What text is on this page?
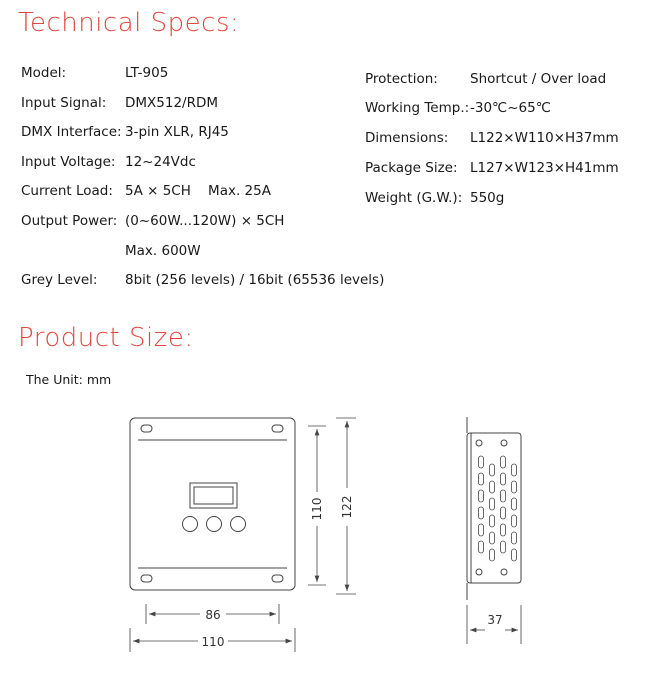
Technical Specs:
Model:	LT-905
Input Signal: DMX512/RDM
DMX Interface: 3-pin XLR, RJ45
Input Voltage: 12~24Vdc
Current Load: 5A × 5CH    Max. 25A
Output Power: (0~60W...120W) × 5CH
Max. 600W
Grey Level: 8bit (256 levels) / 16bit (65536 levels)
Protection: Shortcut / Over load
Working Temp.: -30℃~65℃
Dimensions: L122×W110×H37mm
Package Size: L127×W123×H41mm
Weight (G.W.): 550g
Product Size:
The Unit: mm
86
110
110 122
37
